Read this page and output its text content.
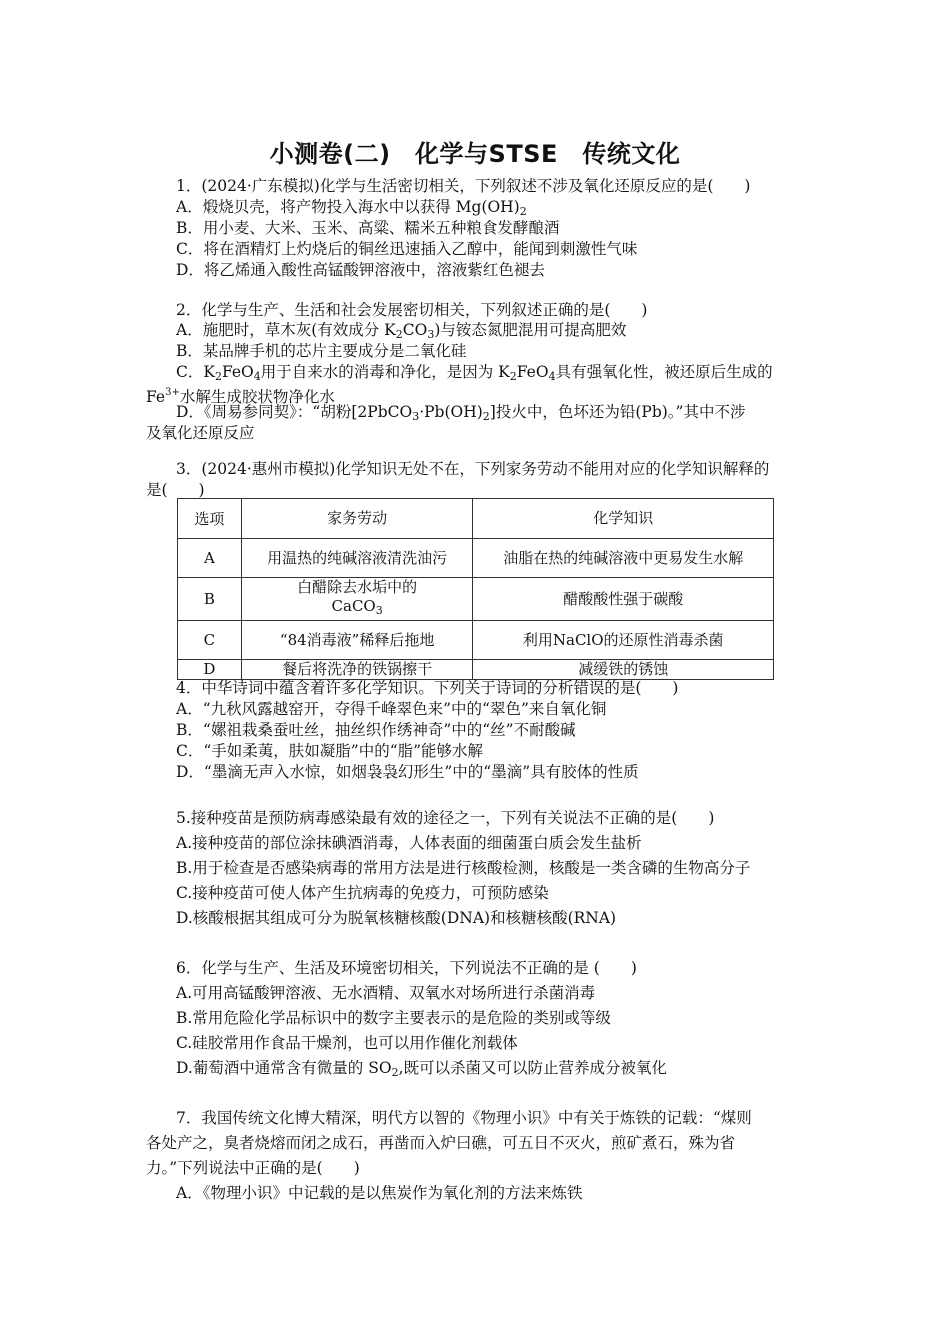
小测卷(二)　化学与STSE　传统文化
1．(2024·广东模拟)化学与生活密切相关，下列叙述不涉及氧化还原反应的是(　　)
A．煅烧贝壳，将产物投入海水中以获得 Mg(OH)2
B．用小麦、大米、玉米、高粱、糯米五种粮食发酵酿酒
C．将在酒精灯上灼烧后的铜丝迅速插入乙醇中，能闻到刺激性气味
D．将乙烯通入酸性高锰酸钾溶液中，溶液紫红色褪去
2．化学与生产、生活和社会发展密切相关，下列叙述正确的是(　　)
A．施肥时，草木灰(有效成分 K2CO3)与铵态氮肥混用可提高肥效
B．某品牌手机的芯片主要成分是二氧化硅
C．K2FeO4用于自来水的消毒和净化，是因为 K2FeO4具有强氧化性，被还原后生成的
$Fe^{3+}$水解生成胶状物净化水
D．《周易参同契》：“胡粉[2PbCO3·Pb(OH)2]投火中，色坏还为铅(Pb)。”其中不涉
及氧化还原反应
3．(2024·惠州市模拟)化学知识无处不在，下列家务劳动不能用对应的化学知识解释的
是(　　)
选项	家务劳动	化学知识
A	用温热的纯碱溶液清洗油污	油脂在热的纯碱溶液中更易发生水解
B	白醋除去水垢中的CaCO$_3$	醋酸酸性强于碳酸
C	“84消毒液”稀释后拖地	利用NaClO的还原性消毒杀菌
D	餐后将洗净的铁锅擦干	减缓铁的锈蚀
4．中华诗词中蕴含着许多化学知识。下列关于诗词的分析错误的是(　　)
A．“九秋风露越窑开，夺得千峰翠色来”中的“翠色”来自氧化铜
B．“嫘祖栽桑蚕吐丝，抽丝织作绣神奇”中的“丝”不耐酸碱
C．“手如柔荑，肤如凝脂”中的“脂”能够水解
D．“墨滴无声入水惊，如烟袅袅幻形生”中的“墨滴”具有胶体的性质
5.接种疫苗是预防病毒感染最有效的途径之一，下列有关说法不正确的是(　　)
A.接种疫苗的部位涂抹碘酒消毒，人体表面的细菌蛋白质会发生盐析
B.用于检查是否感染病毒的常用方法是进行核酸检测，核酸是一类含磷的生物高分子
C.接种疫苗可使人体产生抗病毒的免疫力，可预防感染
D.核酸根据其组成可分为脱氧核糖核酸(DNA)和核糖核酸(RNA)
6．化学与生产、生活及环境密切相关，下列说法不正确的是 (　　)
A.可用高锰酸钾溶液、无水酒精、双氧水对场所进行杀菌消毒
B.常用危险化学品标识中的数字主要表示的是危险的类别或等级
C.硅胶常用作食品干燥剂，也可以用作催化剂载体
D.葡萄酒中通常含有微量的 SO2,既可以杀菌又可以防止营养成分被氧化
7．我国传统文化博大精深，明代方以智的《物理小识》中有关于炼铁的记载：“煤则
各处产之，臭者烧熔而闭之成石，再凿而入炉曰礁，可五日不灭火，煎矿煮石，殊为省
力。”下列说法中正确的是(　　)
A．《物理小识》中记载的是以焦炭作为氧化剂的方法来炼铁
